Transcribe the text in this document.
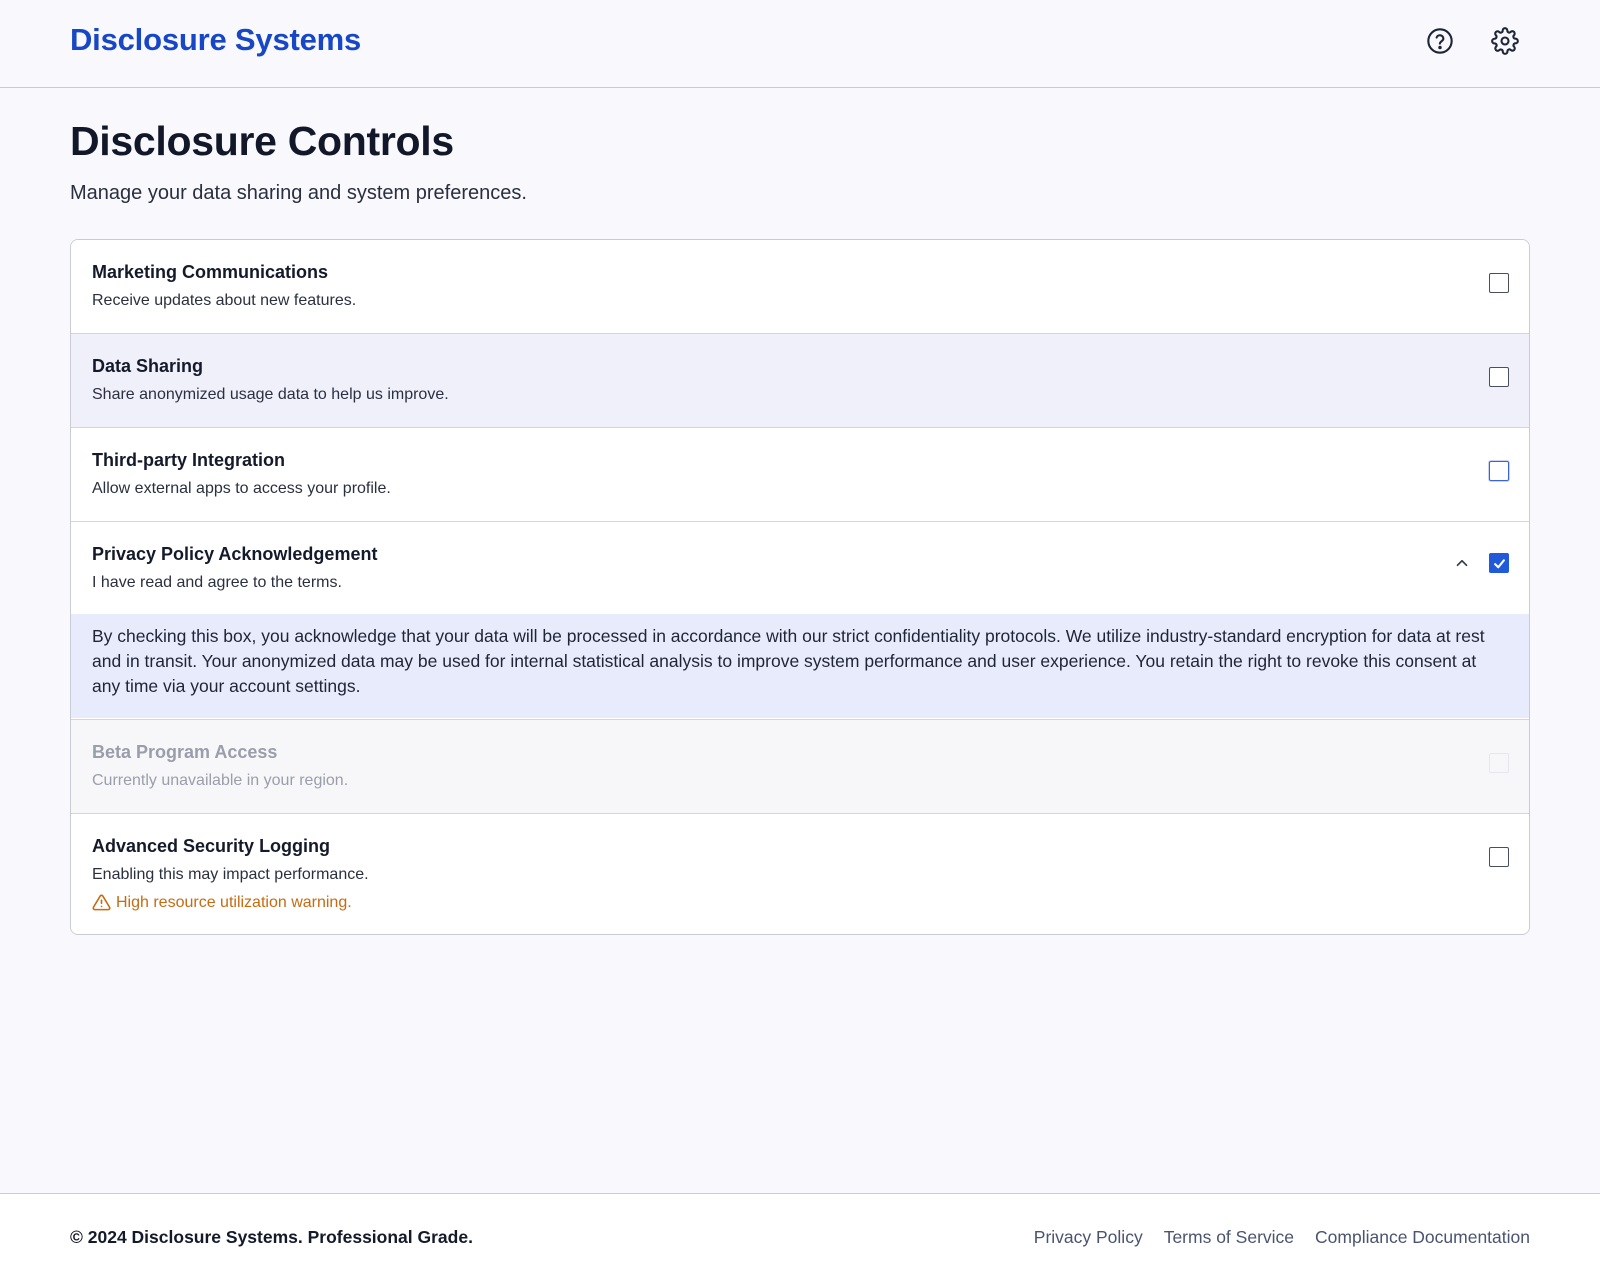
Disclosure Systems
Disclosure Controls

Manage your data sharing and system preferences.

Marketing Communications
Receive updates about new features.
Data Sharing
Share anonymized usage data to help us improve.
Third-party Integration
Allow external apps to access your profile.
Privacy Policy Acknowledgement
I have read and agree to the terms.
By checking this box, you acknowledge that your data will be processed in accordance with our strict confidentiality protocols. We utilize industry-standard encryption for data at rest and in transit. Your anonymized data may be used for internal statistical analysis to improve system performance and user experience. You retain the right to revoke this consent at any time via your account settings.
Beta Program Access
Currently unavailable in your region.
Advanced Security Logging
Enabling this may impact performance.
High resource utilization warning.
© 2024 Disclosure Systems. Professional Grade.	Privacy Policy Terms of Service Compliance Documentation
